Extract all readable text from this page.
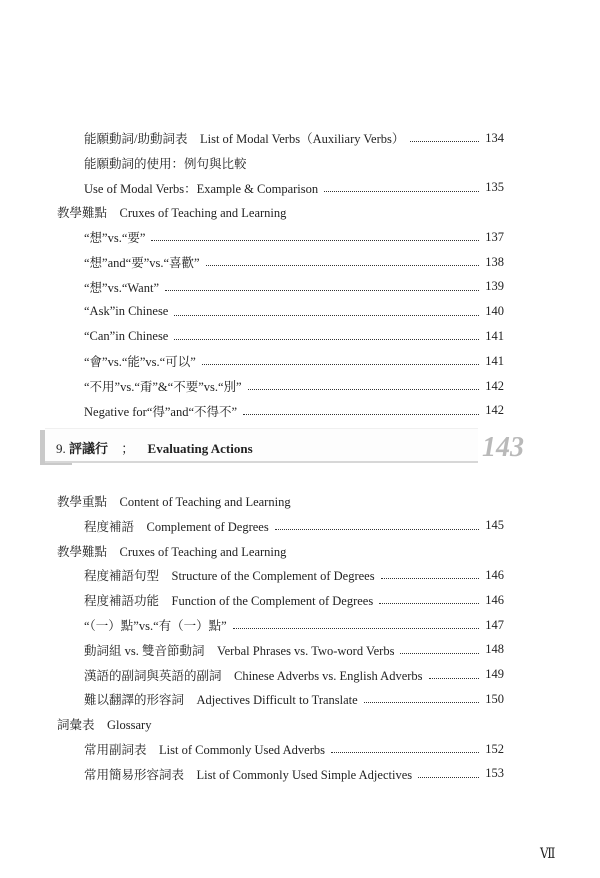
能願動詞/助動詞表　List of Modal Verbs（Auxiliary Verbs）	134
能願動詞的使用：例句與比較
Use of Modal Verbs：Example & Comparison	135
教學難點　Cruxes of Teaching and Learning
“想”vs.“要”	137
“想”and“要”vs.“喜歡”	138
“想”vs.“Want”	139
“Ask”in Chinese	140
“Can”in Chinese	141
“會”vs.“能”vs.“可以”	141
“不用”vs.“甭”&“不要”vs.“別”	142
Negative for“得”and“不得不”	142
9. 評議行 ； Evaluating Actions	143
教學重點　Content of Teaching and Learning
程度補語　Complement of Degrees	145
教學難點　Cruxes of Teaching and Learning
程度補語句型　Structure of the Complement of Degrees	146
程度補語功能　Function of the Complement of Degrees	146
“（一）點”vs.“有（一）點”	147
動詞組 vs. 雙音節動詞　Verbal Phrases vs. Two-word Verbs	148
漢語的副詞與英語的副詞　Chinese Adverbs vs. English Adverbs	149
難以翻譯的形容詞　Adjectives Difficult to Translate	150
詞彙表　Glossary
常用副詞表　List of Commonly Used Adverbs	152
常用簡易形容詞表　List of Commonly Used Simple Adjectives	153
Ⅶ
